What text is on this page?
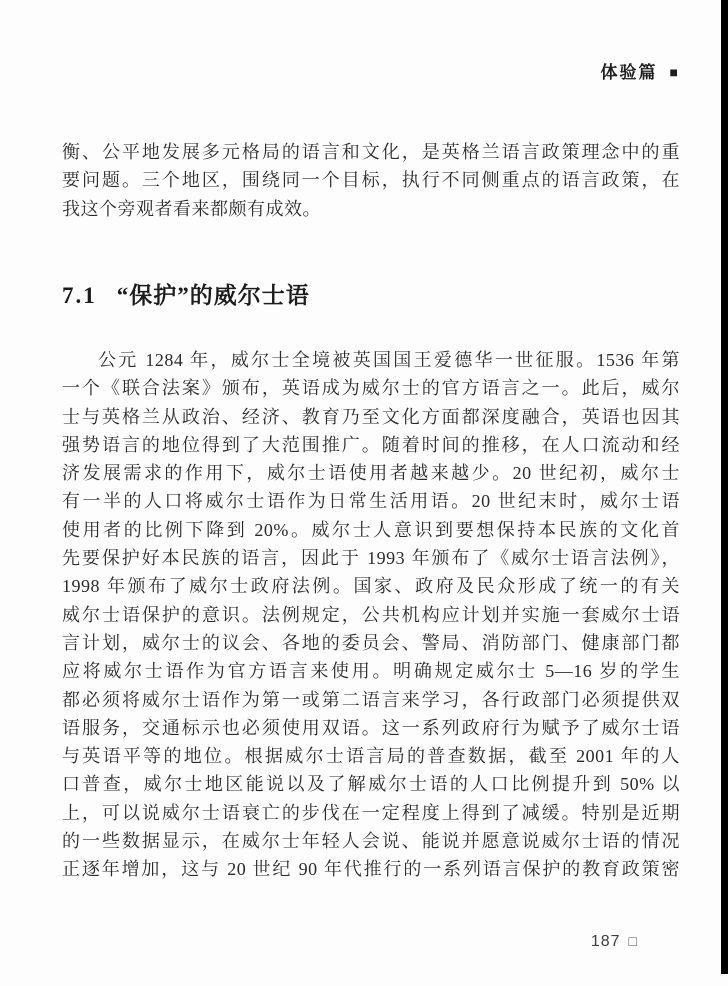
体验篇 ■
衡、公平地发展多元格局的语言和文化，是英格兰语言政策理念中的重
要问题。三个地区，围绕同一个目标，执行不同侧重点的语言政策，在
我这个旁观者看来都颇有成效。
7.1 “保护”的威尔士语
公元 1284 年，威尔士全境被英国国王爱德华一世征服。1536 年第
一个《联合法案》颁布，英语成为威尔士的官方语言之一。此后，威尔
士与英格兰从政治、经济、教育乃至文化方面都深度融合，英语也因其
强势语言的地位得到了大范围推广。随着时间的推移，在人口流动和经
济发展需求的作用下，威尔士语使用者越来越少。20 世纪初，威尔士
有一半的人口将威尔士语作为日常生活用语。20 世纪末时，威尔士语
使用者的比例下降到 20%。威尔士人意识到要想保持本民族的文化首
先要保护好本民族的语言，因此于 1993 年颁布了《威尔士语言法例》，
1998 年颁布了威尔士政府法例。国家、政府及民众形成了统一的有关
威尔士语保护的意识。法例规定，公共机构应计划并实施一套威尔士语
言计划，威尔士的议会、各地的委员会、警局、消防部门、健康部门都
应将威尔士语作为官方语言来使用。明确规定威尔士 5—16 岁的学生
都必须将威尔士语作为第一或第二语言来学习，各行政部门必须提供双
语服务，交通标示也必须使用双语。这一系列政府行为赋予了威尔士语
与英语平等的地位。根据威尔士语言局的普查数据，截至 2001 年的人
口普查，威尔士地区能说以及了解威尔士语的人口比例提升到 50% 以
上，可以说威尔士语衰亡的步伐在一定程度上得到了减缓。特别是近期
的一些数据显示，在威尔士年轻人会说、能说并愿意说威尔士语的情况
正逐年增加，这与 20 世纪 90 年代推行的一系列语言保护的教育政策密
187 □
